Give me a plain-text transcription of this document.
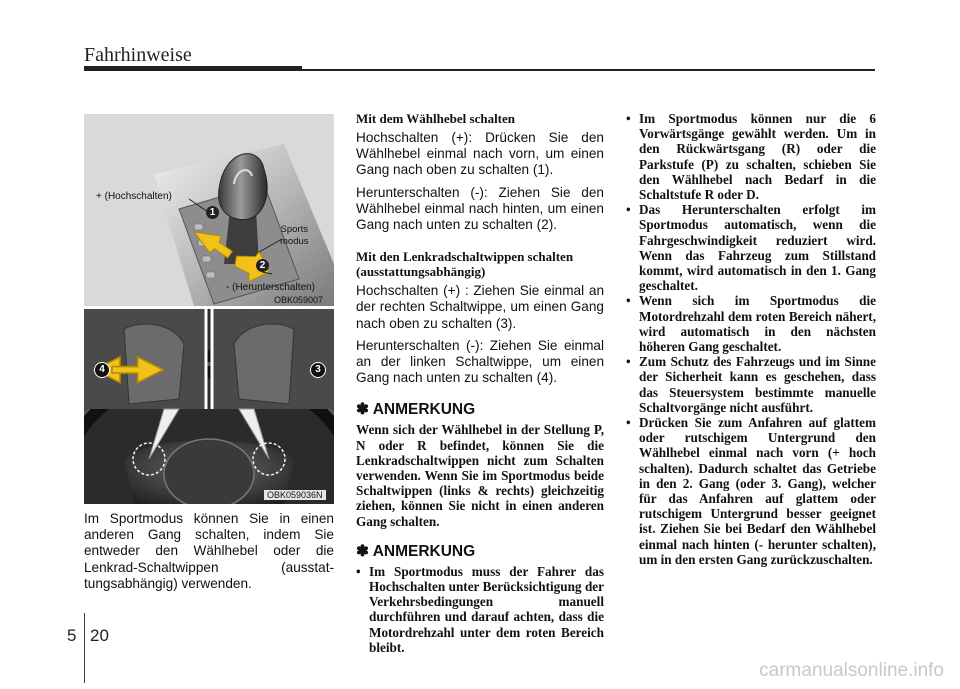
Fahrhinweise
1
2
+ (Hochschalten)
Sports
modus
- (Herunterschalten)
OBK059007
4	3
OBK059036N
Im Sportmodus können Sie in einen anderen Gang schalten, indem Sie entweder den Wählhebel oder die Lenkrad-Schaltwippen (ausstat-tungsabhängig) verwenden.
Mit dem Wählhebel schalten
Hochschalten (+): Drücken Sie den Wählhebel einmal nach vorn, um einen Gang nach oben zu schalten (1).
Herunterschalten (-): Ziehen Sie den Wählhebel einmal nach hinten, um einen Gang nach unten zu schalten (2).
Mit den Lenkradschaltwippen schalten (ausstattungsabhängig)
Hochschalten (+) : Ziehen Sie einmal an der rechten Schaltwippe, um einen Gang nach oben zu schalten (3).
Herunterschalten (-): Ziehen Sie einmal an der linken Schaltwippe, um einen Gang nach unten zu schalten (4).
✽ ANMERKUNG
Wenn sich der Wählhebel in der Stellung P, N oder R befindet, können Sie die Lenkradschaltwippen nicht zum Schalten verwenden. Wenn Sie im Sportmodus beide Schaltwippen (links & rechts) gleichzeitig ziehen, können Sie nicht in einen anderen Gang schalten.
✽ ANMERKUNG
• Im Sportmodus muss der Fahrer das Hochschalten unter Berücksichtigung der Verkehrsbedingungen manuell durchführen und darauf achten, dass die Motordrehzahl unter dem roten Bereich bleibt.
• Im Sportmodus können nur die 6 Vorwärtsgänge gewählt werden. Um in den Rückwärtsgang (R) oder die Parkstufe (P) zu schalten, schieben Sie den Wählhebel nach Bedarf in die Schaltstufe R oder D.
• Das Herunterschalten erfolgt im Sportmodus automatisch, wenn die Fahrgeschwindigkeit reduziert wird. Wenn das Fahrzeug zum Stillstand kommt, wird automatisch in den 1. Gang geschaltet.
• Wenn sich im Sportmodus die Motordrehzahl dem roten Bereich nähert, wird automatisch in den nächsten höheren Gang geschaltet.
• Zum Schutz des Fahrzeugs und im Sinne der Sicherheit kann es geschehen, dass das Steuersystem bestimmte manuelle Schaltvorgänge nicht ausführt.
• Drücken Sie zum Anfahren auf glattem oder rutschigem Untergrund den Wählhebel einmal nach vorn (+ hoch schalten). Dadurch schaltet das Getriebe in den 2. Gang (oder 3. Gang), welcher für das Anfahren auf glattem oder rutschigem Untergrund besser geeignet ist. Ziehen Sie bei Bedarf den Wählhebel einmal nach hinten (- herunter schalten), um in den ersten Gang zurückzuschalten.
5 20
carmanualsonline.info
